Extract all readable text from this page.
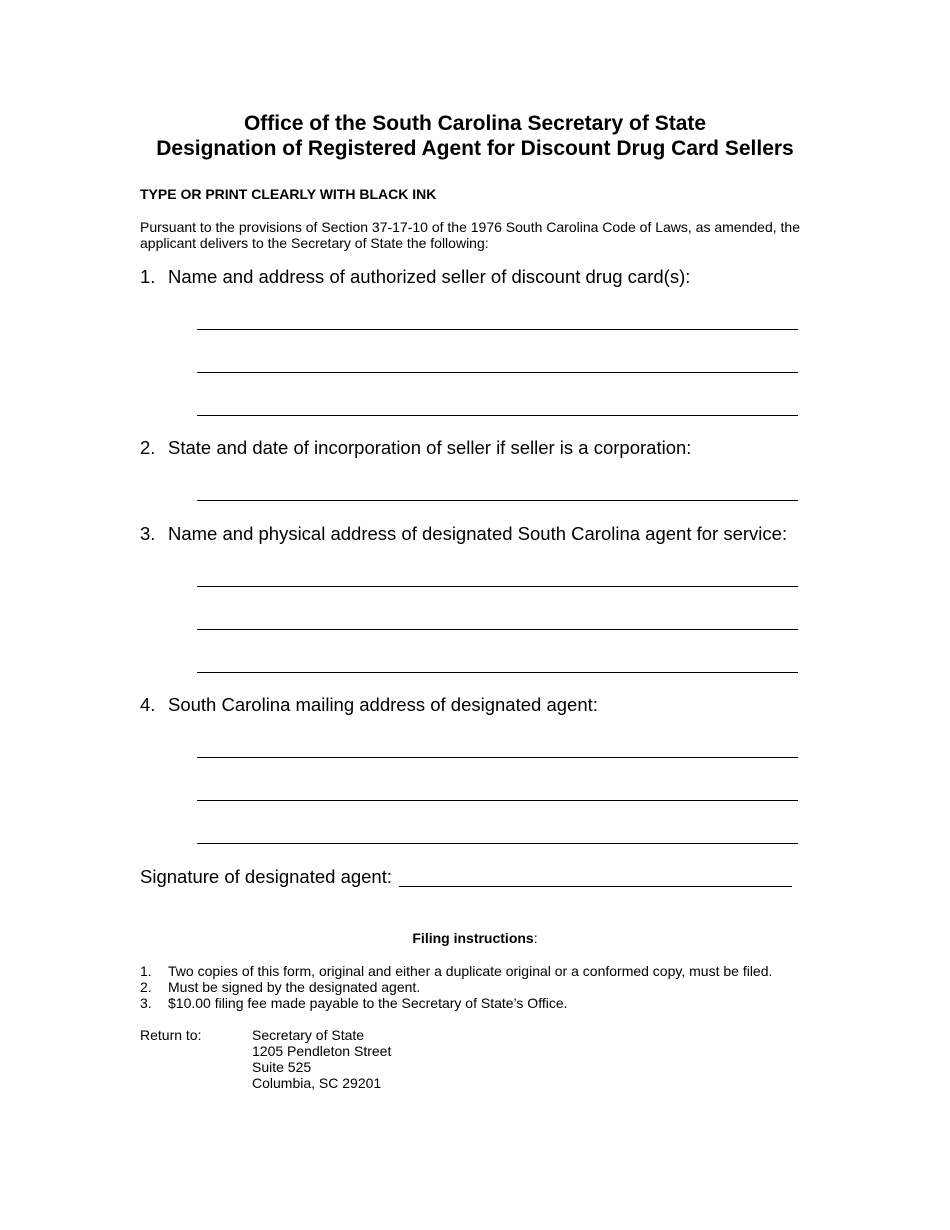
Office of the South Carolina Secretary of State
Designation of Registered Agent for Discount Drug Card Sellers
TYPE OR PRINT CLEARLY WITH BLACK INK
Pursuant to the provisions of Section 37-17-10 of the 1976 South Carolina Code of Laws, as amended, the applicant delivers to the Secretary of State the following:
1. Name and address of authorized seller of discount drug card(s):
2. State and date of incorporation of seller if seller is a corporation:
3. Name and physical address of designated South Carolina agent for service:
4. South Carolina mailing address of designated agent:
Signature of designated agent:
Filing instructions:
1. Two copies of this form, original and either a duplicate original or a conformed copy, must be filed.
2. Must be signed by the designated agent.
3. $10.00 filing fee made payable to the Secretary of State’s Office.
Return to:	Secretary of State
1205 Pendleton Street
Suite 525
Columbia, SC 29201
